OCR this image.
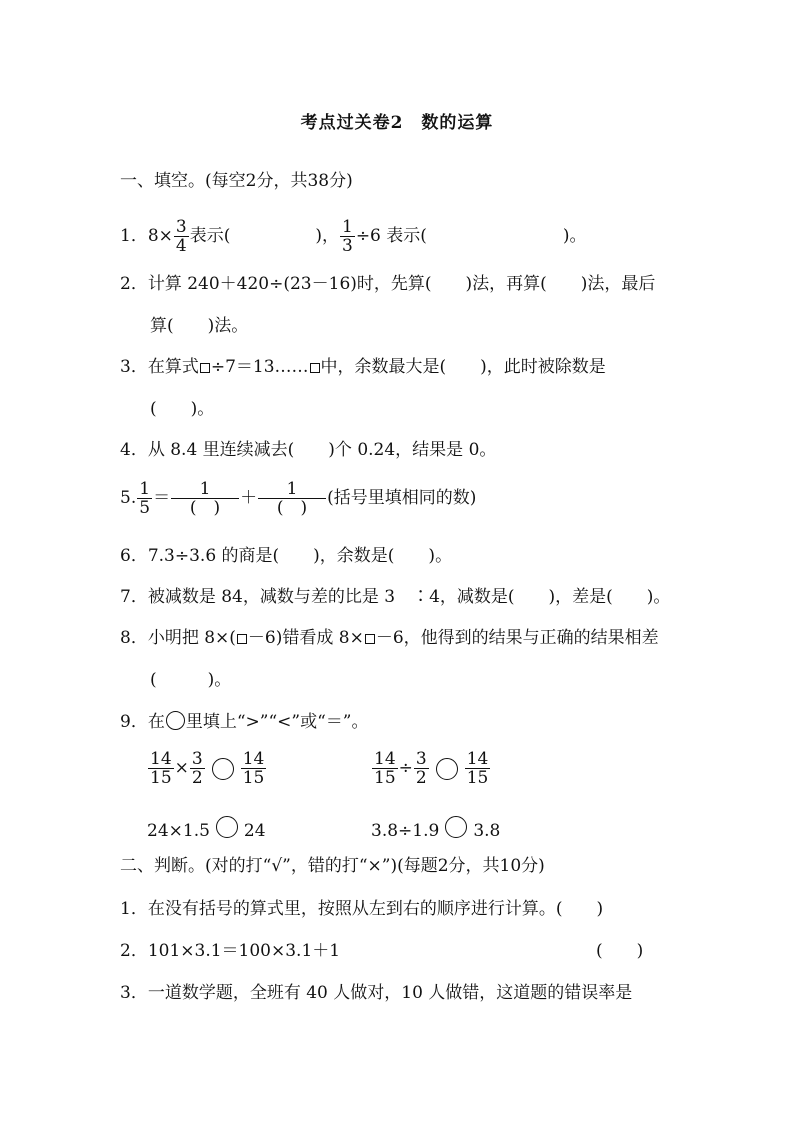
考点过关卷2　数的运算
一、填空。(每空2分，共38分)
1．$8\times \frac{3}{4}$ 表示(　　　　　)， $\frac{1}{3} \div 6$ 表示(　　　　　　　　)。
2．计算 240＋420÷(23－16)时，先算(　　)法，再算(　　)法，最后
算(　　)法。
3．在算式 ÷7＝13…… 中，余数最大是(　　)，此时被除数是
(　　)。
4．从 8.4 里连续减去(　　)个 0.24，结果是 0。
5. $\frac{1}{5} = \frac{1}{( )} + \frac{1}{( )}$ (括号里填相同的数)
6．7.3÷3.6 的商是(　　)，余数是(　　)。
7．被减数是 84，减数与差的比是 3　∶4，减数是(　　)，差是(　　)。
8．小明把 8×( －6)错看成 8× －6，他得到的结果与正确的结果相差
(　　　)。
9．在 里填上“>”“<”或“＝”。
$\frac{14}{15} \times \frac{3}{2} \frac{14}{15}$	$\frac{14}{15} \div \frac{3}{2} \frac{14}{15}$
24×1.5 24	3.8÷1.9 3.8
二、判断。(对的打“√”，错的打“×”)(每题2分，共10分)
1．在没有括号的算式里，按照从左到右的顺序进行计算。(　　)
2．101×3.1＝100×3.1＋1	(　　)
3．一道数学题，全班有 40 人做对，10 人做错，这道题的错误率是
